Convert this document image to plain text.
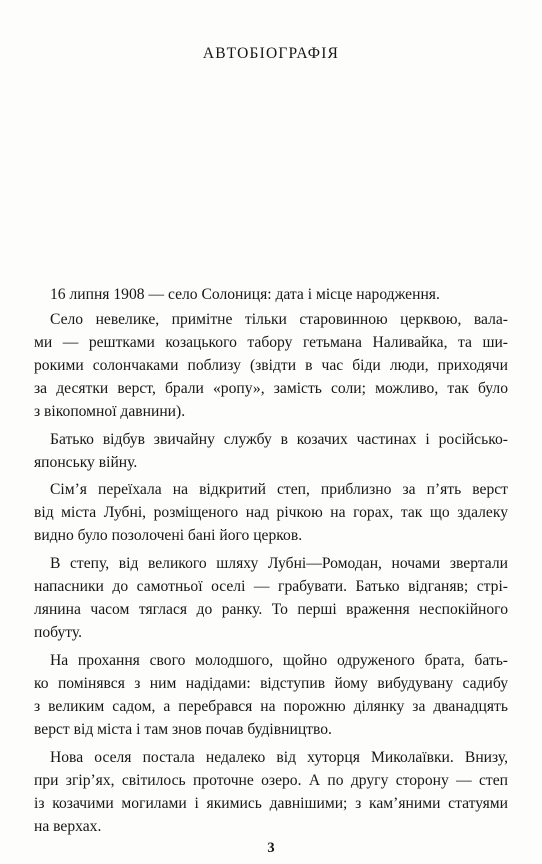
АВТОБІОГРАФІЯ
16 липня 1908 — село Солониця: дата і місце народження.
Село невелике, примітне тільки старовинною церквою, вала-
ми — рештками козацького табору гетьмана Наливайка, та ши-
рокими солончаками поблизу (звідти в час біди люди, приходячи
за десятки верст, брали «ропу», замість соли; можливо, так було
з вікопомної давнини).
Батько відбув звичайну службу в козачих частинах і російсько-
японську війну.
Сім’я переїхала на відкритий степ, приблизно за п’ять верст
від міста Лубні, розміщеного над річкою на горах, так що здалеку
видно було позолочені бані його церков.
В степу, від великого шляху Лубні—Ромодан, ночами звертали
напасники до самотньої оселі — грабувати. Батько відганяв; стрі-
лянина часом тяглася до ранку. То перші враження неспокійного
побуту.
На прохання свого молодшого, щойно одруженого брата, бать-
ко помінявся з ним надідами: відступив йому вибудувану садибу
з великим садом, а перебрався на порожню ділянку за дванадцять
верст від міста і там знов почав будівництво.
Нова оселя постала недалеко від хуторця Миколаївки. Внизу,
при згір’ях, світилось проточне озеро. А по другу сторону — степ
із козачими могилами і якимись давнішими; з кам’яними статуями
на верхах.
3
